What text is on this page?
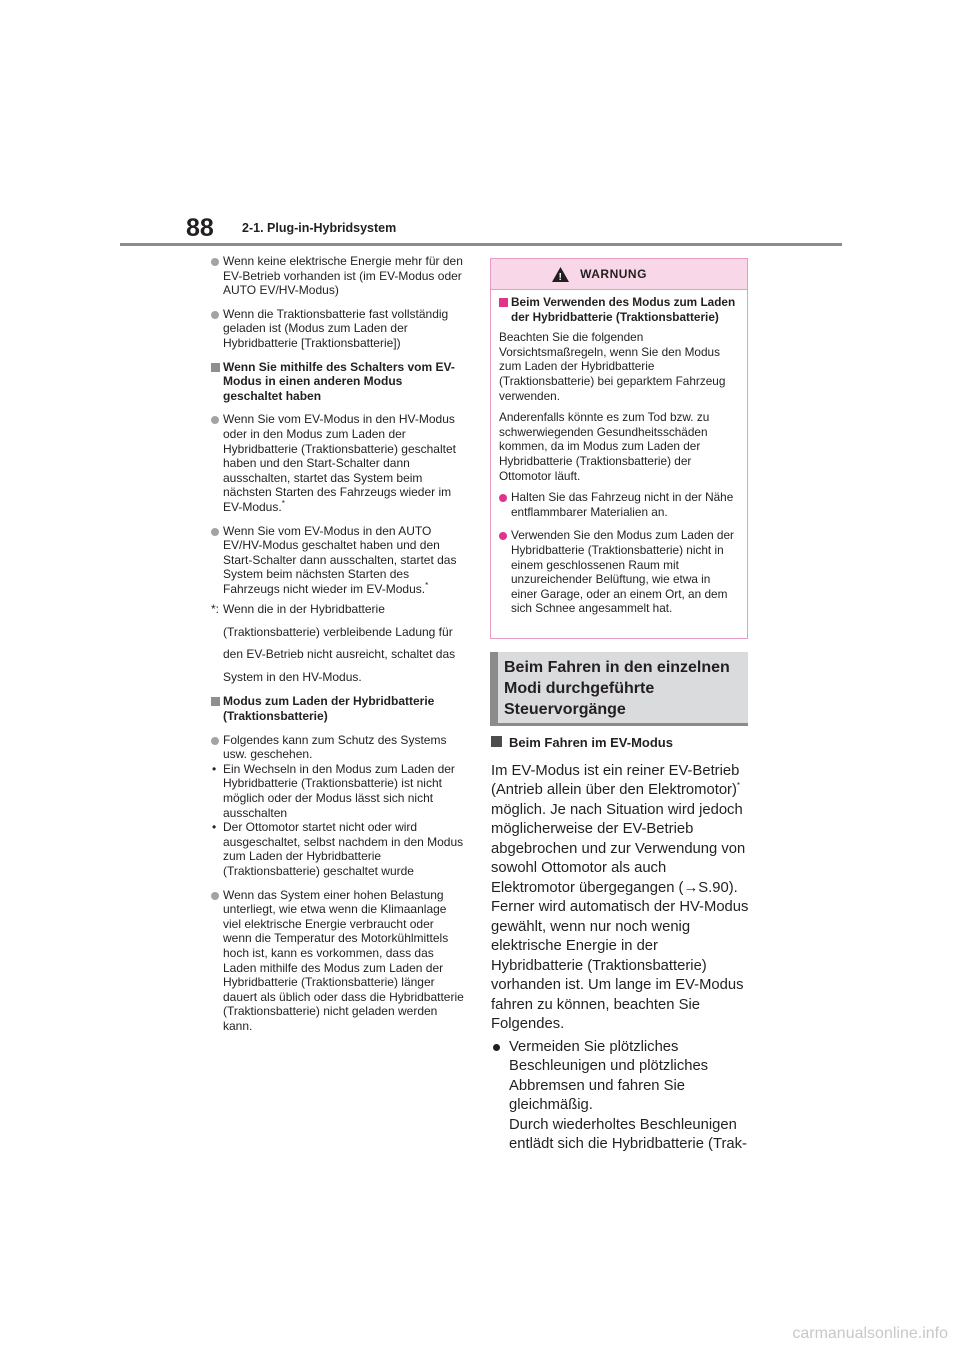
88 2-1. Plug-in-Hybridsystem
Wenn keine elektrische Energie mehr für den EV-Betrieb vorhanden ist (im EV-Modus oder AUTO EV/HV-Modus)
Wenn die Traktionsbatterie fast vollständig geladen ist (Modus zum Laden der Hybridbatterie [Traktionsbatterie])
Wenn Sie mithilfe des Schalters vom EV-Modus in einen anderen Modus geschaltet haben
Wenn Sie vom EV-Modus in den HV-Modus oder in den Modus zum Laden der Hybridbatterie (Traktionsbatterie) geschaltet haben und den Start-Schalter dann ausschalten, startet das System beim nächsten Starten des Fahrzeugs wieder im EV-Modus.*
Wenn Sie vom EV-Modus in den AUTO EV/HV-Modus geschaltet haben und den Start-Schalter dann ausschalten, startet das System beim nächsten Starten des Fahrzeugs nicht wieder im EV-Modus.*
*: Wenn die in der Hybridbatterie (Traktionsbatterie) verbleibende Ladung für den EV-Betrieb nicht ausreicht, schaltet das System in den HV-Modus.
Modus zum Laden der Hybridbatterie (Traktionsbatterie)
Folgendes kann zum Schutz des Systems usw. geschehen.
• Ein Wechseln in den Modus zum Laden der Hybridbatterie (Traktionsbatterie) ist nicht möglich oder der Modus lässt sich nicht ausschalten
• Der Ottomotor startet nicht oder wird ausgeschaltet, selbst nachdem in den Modus zum Laden der Hybridbatterie (Traktionsbatterie) geschaltet wurde
Wenn das System einer hohen Belastung unterliegt, wie etwa wenn die Klimaanlage viel elektrische Energie verbraucht oder wenn die Temperatur des Motorkühlmittels hoch ist, kann es vorkommen, dass das Laden mithilfe des Modus zum Laden der Hybridbatterie (Traktionsbatterie) länger dauert als üblich oder dass die Hybridbatterie (Traktionsbatterie) nicht geladen werden kann.
! WARNUNG
Beim Verwenden des Modus zum Laden der Hybridbatterie (Traktionsbatterie)

Beachten Sie die folgenden Vorsichtsmaßregeln, wenn Sie den Modus zum Laden der Hybridbatterie (Traktionsbatterie) bei geparktem Fahrzeug verwenden.

Anderenfalls könnte es zum Tod bzw. zu schwerwiegenden Gesundheitsschäden kommen, da im Modus zum Laden der Hybridbatterie (Traktionsbatterie) der Ottomotor läuft.

Halten Sie das Fahrzeug nicht in der Nähe entflammbarer Materialien an.
Verwenden Sie den Modus zum Laden der Hybridbatterie (Traktionsbatterie) nicht in einem geschlossenen Raum mit unzureichender Belüftung, wie etwa in einer Garage, oder an einem Ort, an dem sich Schnee angesammelt hat.
Beim Fahren in den einzelnen Modi durchgeführte Steuervorgänge
Beim Fahren im EV-Modus

Im EV-Modus ist ein reiner EV-Betrieb (Antrieb allein über den Elektromotor)* möglich. Je nach Situation wird jedoch möglicherweise der EV-Betrieb abgebrochen und zur Verwendung von sowohl Ottomotor als auch Elektromotor übergegangen (→S.90). Ferner wird automatisch der HV-Modus gewählt, wenn nur noch wenig elektrische Energie in der Hybridbatterie (Traktionsbatterie) vorhanden ist. Um lange im EV-Modus fahren zu können, beachten Sie Folgendes.

Vermeiden Sie plötzliches Beschleunigen und plötzliches Abbremsen und fahren Sie gleichmäßig.
Durch wiederholtes Beschleunigen entlädt sich die Hybridbatterie (Trak-
carmanualsonline.info
